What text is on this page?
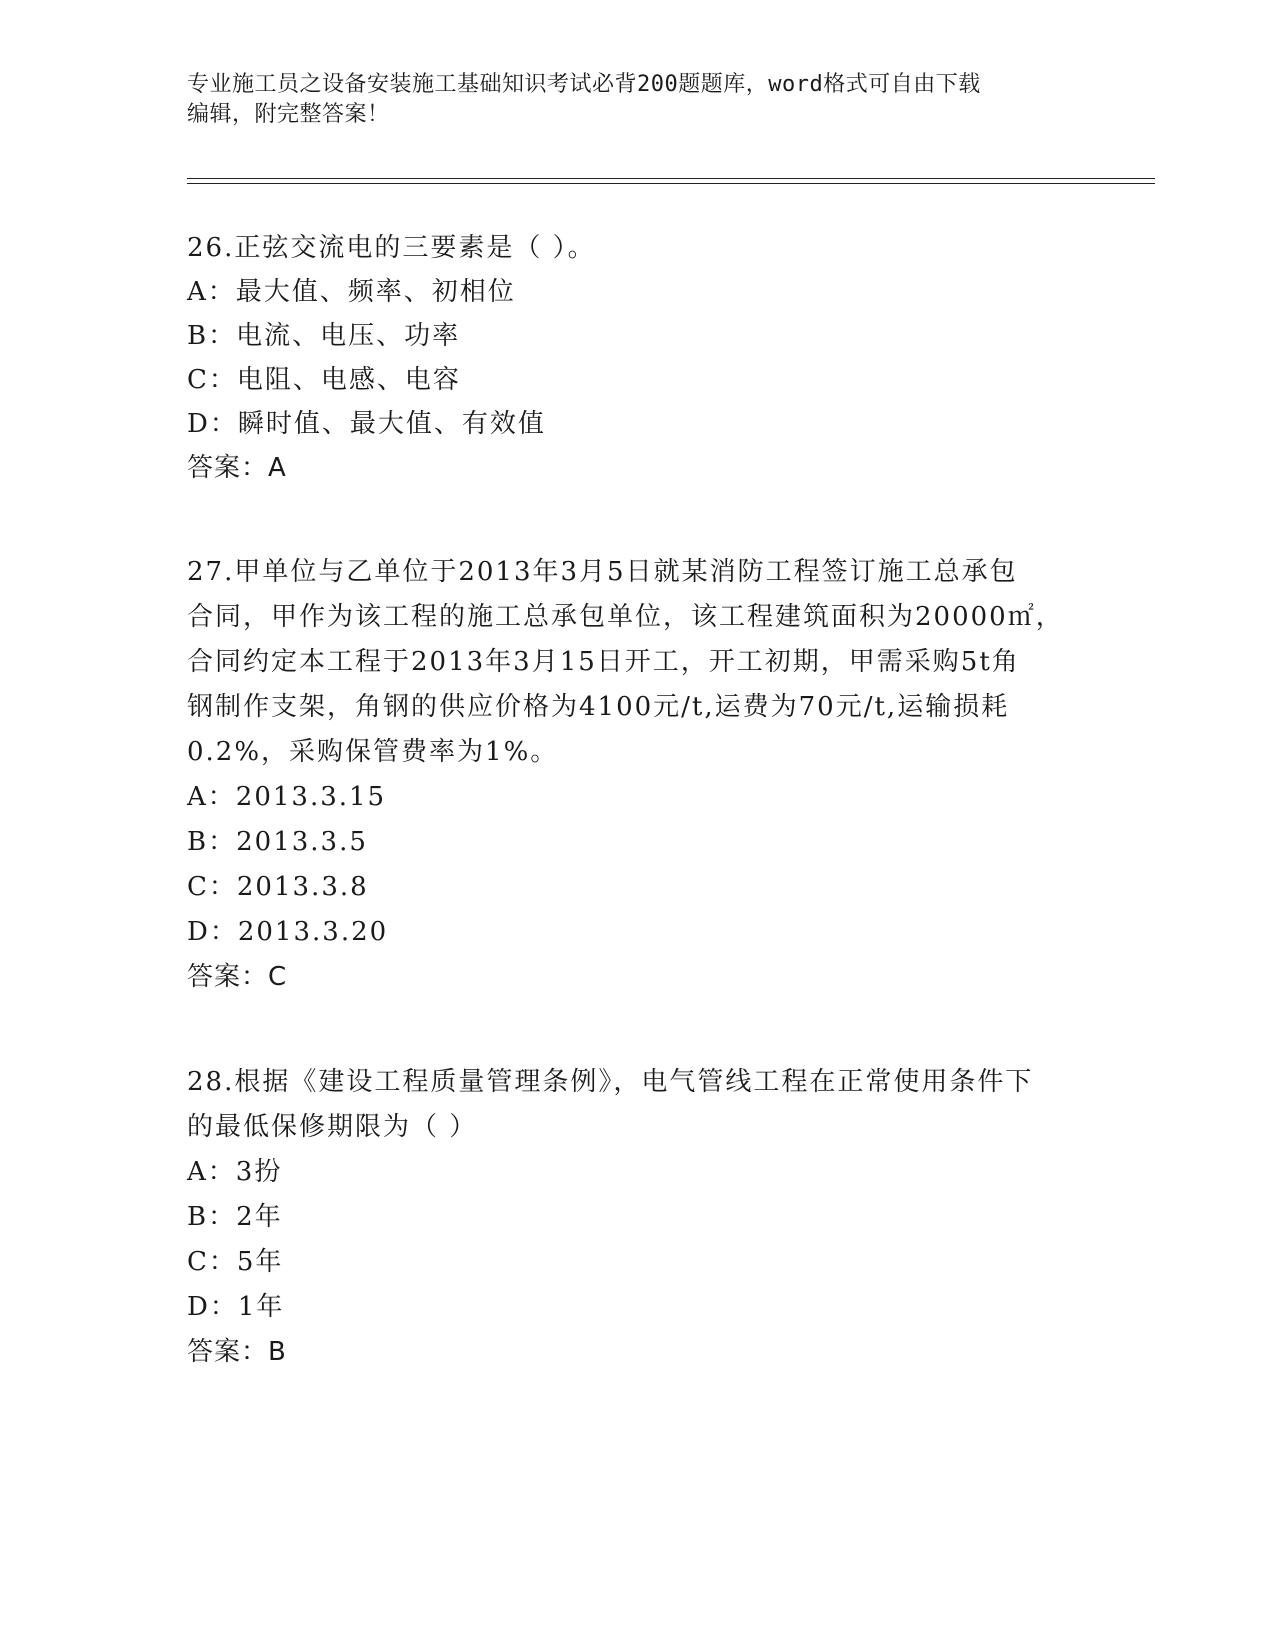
专业施工员之设备安装施工基础知识考试必背200题题库，word格式可自由下载
编辑，附完整答案！
26.正弦交流电的三要素是（ ）。
A：最大值、频率、初相位
B：电流、电压、功率
C：电阻、电感、电容
D：瞬时值、最大值、有效值
答案：A
27.甲单位与乙单位于2013年3月5日就某消防工程签订施工总承包
合同，甲作为该工程的施工总承包单位，该工程建筑面积为20000㎡，
合同约定本工程于2013年3月15日开工，开工初期，甲需采购5t角
钢制作支架，角钢的供应价格为4100元/t,运费为70元/t,运输损耗
0.2%，采购保管费率为1%。
A：2013.3.15
B：2013.3.5
C：2013.3.8
D：2013.3.20
答案：C
28.根据《建设工程质量管理条例》，电气管线工程在正常使用条件下
的最低保修期限为（ ）
A：3扮
B：2年
C：5年
D：1年
答案：B
